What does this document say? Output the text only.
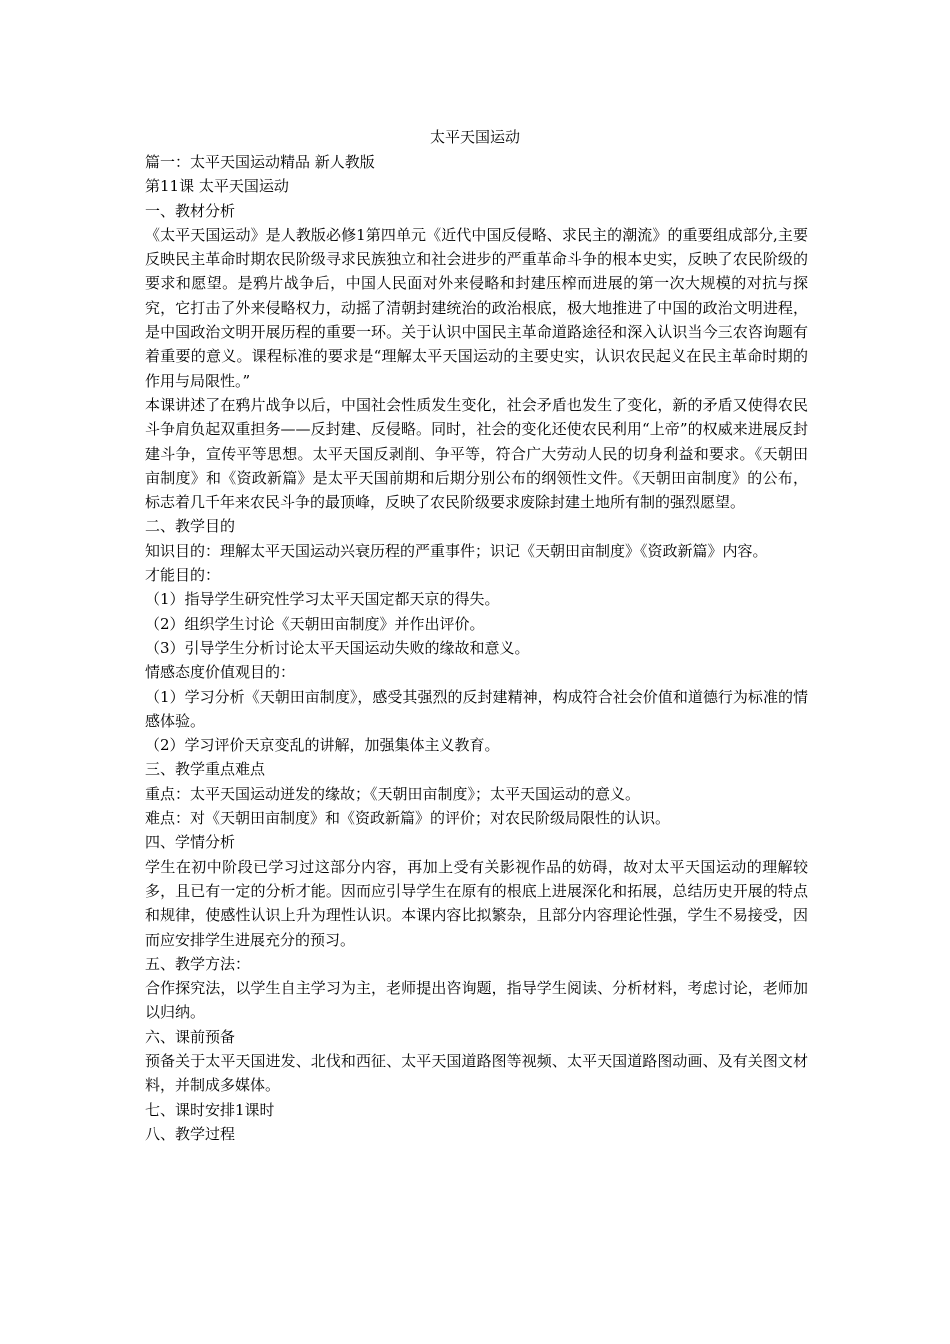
太平天国运动

篇一：太平天国运动精品 新人教版

第11课 太平天国运动

一、教材分析

《太平天国运动》是人教版必修1第四单元《近代中国反侵略、求民主的潮流》的重要组成部分,主要反映民主革命时期农民阶级寻求民族独立和社会进步的严重革命斗争的根本史实，反映了农民阶级的要求和愿望。是鸦片战争后，中国人民面对外来侵略和封建压榨而进展的第一次大规模的对抗与探究，它打击了外来侵略权力，动摇了清朝封建统治的政治根底，极大地推进了中国的政治文明进程，是中国政治文明开展历程的重要一环。关于认识中国民主革命道路途径和深入认识当今三农咨询题有着重要的意义。课程标准的要求是“理解太平天国运动的主要史实，认识农民起义在民主革命时期的作用与局限性。”

本课讲述了在鸦片战争以后，中国社会性质发生变化，社会矛盾也发生了变化，新的矛盾又使得农民斗争肩负起双重担务——反封建、反侵略。同时，社会的变化还使农民利用“上帝”的权威来进展反封建斗争，宣传平等思想。太平天国反剥削、争平等，符合广大劳动人民的切身利益和要求。《天朝田亩制度》和《资政新篇》是太平天国前期和后期分别公布的纲领性文件。《天朝田亩制度》的公布，标志着几千年来农民斗争的最顶峰，反映了农民阶级要求废除封建土地所有制的强烈愿望。

二、教学目的

知识目的：理解太平天国运动兴衰历程的严重事件；识记《天朝田亩制度》《资政新篇》内容。

才能目的：

（1）指导学生研究性学习太平天国定都天京的得失。

（2）组织学生讨论《天朝田亩制度》并作出评价。

（3）引导学生分析讨论太平天国运动失败的缘故和意义。

情感态度价值观目的：

（1）学习分析《天朝田亩制度》，感受其强烈的反封建精神，构成符合社会价值和道德行为标准的情感体验。

（2）学习评价天京变乱的讲解，加强集体主义教育。

三、教学重点难点

重点：太平天国运动迸发的缘故；《天朝田亩制度》；太平天国运动的意义。

难点：对《天朝田亩制度》和《资政新篇》的评价；对农民阶级局限性的认识。

四、学情分析

学生在初中阶段已学习过这部分内容，再加上受有关影视作品的妨碍，故对太平天国运动的理解较多，且已有一定的分析才能。因而应引导学生在原有的根底上进展深化和拓展，总结历史开展的特点和规律，使感性认识上升为理性认识。本课内容比拟繁杂，且部分内容理论性强，学生不易接受，因而应安排学生进展充分的预习。

五、教学方法：

合作探究法，以学生自主学习为主，老师提出咨询题，指导学生阅读、分析材料，考虑讨论，老师加以归纳。

六、课前预备

预备关于太平天国进发、北伐和西征、太平天国道路图等视频、太平天国道路图动画、及有关图文材料，并制成多媒体。

七、课时安排1课时

八、教学过程
